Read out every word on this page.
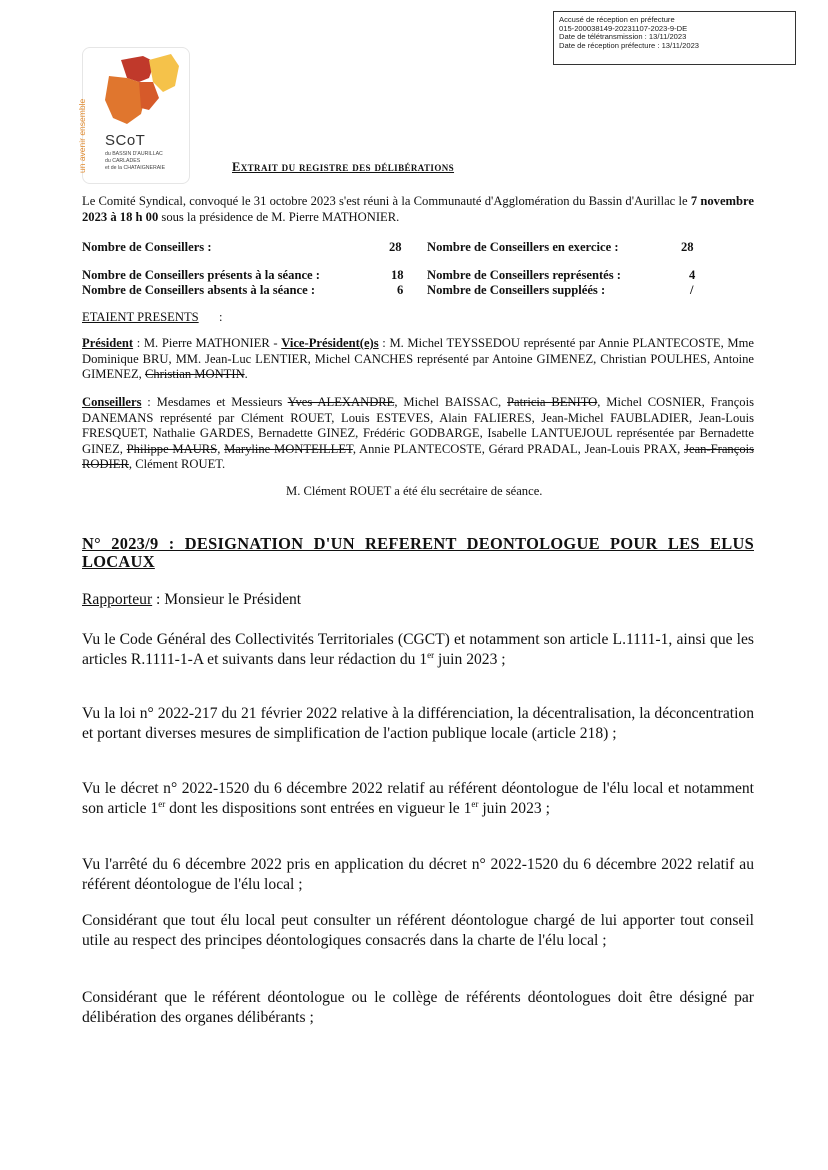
Accusé de réception en préfecture
015-200038149-20231107-2023-9-DE
Date de télétransmission : 13/11/2023
Date de réception préfecture : 13/11/2023
SCoT
du BASSIN D'AURILLAC
du CARLADES
et de la CHATAIGNERAIE
un avenir ensemble	Extrait du registre des délibérations
Le Comité Syndical, convoqué le 31 octobre 2023 s'est réuni à la Communauté d'Agglomération du Bassin d'Aurillac le 7 novembre 2023 à 18 h 00 sous la présidence de M. Pierre MATHONIER.
Nombre de Conseillers :	28 Nombre de Conseillers en exercice :	28
Nombre de Conseillers présents à la séance :	18 Nombre de Conseillers représentés :	4
Nombre de Conseillers absents à la séance :	6 Nombre de Conseillers suppléés :	/
ETAIENT PRESENTS :
Président : M. Pierre MATHONIER - Vice-Président(e)s : M. Michel TEYSSEDOU représenté par Annie PLANTECOSTE, Mme Dominique BRU, MM. Jean-Luc LENTIER, Michel CANCHES représenté par Antoine GIMENEZ, Christian POULHES, Antoine GIMENEZ, Christian MONTIN.
Conseillers : Mesdames et Messieurs Yves ALEXANDRE, Michel BAISSAC, Patricia BENITO, Michel COSNIER, François DANEMANS représenté par Clément ROUET, Louis ESTEVES, Alain FALIERES, Jean-Michel FAUBLADIER, Jean-Louis FRESQUET, Nathalie GARDES, Bernadette GINEZ, Frédéric GODBARGE, Isabelle LANTUEJOUL représentée par Bernadette GINEZ, Philippe MAURS, Maryline MONTEILLET, Annie PLANTECOSTE, Gérard PRADAL, Jean-Louis PRAX, Jean-François RODIER, Clément ROUET.
M. Clément ROUET a été élu secrétaire de séance.
N° 2023/9 : DESIGNATION D'UN REFERENT DEONTOLOGUE POUR LES ELUS LOCAUX
Rapporteur : Monsieur le Président
Vu le Code Général des Collectivités Territoriales (CGCT) et notamment son article L.1111-1, ainsi que les articles R.1111-1-A et suivants dans leur rédaction du 1er juin 2023 ;
Vu la loi n° 2022-217 du 21 février 2022 relative à la différenciation, la décentralisation, la déconcentration et portant diverses mesures de simplification de l'action publique locale (article 218) ;
Vu le décret n° 2022-1520 du 6 décembre 2022 relatif au référent déontologue de l'élu local et notamment son article 1er dont les dispositions sont entrées en vigueur le 1er juin 2023 ;
Vu l'arrêté du 6 décembre 2022 pris en application du décret n° 2022-1520 du 6 décembre 2022 relatif au référent déontologue de l'élu local ;
Considérant que tout élu local peut consulter un référent déontologue chargé de lui apporter tout conseil utile au respect des principes déontologiques consacrés dans la charte de l'élu local ;
Considérant que le référent déontologue ou le collège de référents déontologues doit être désigné par délibération des organes délibérants ;
